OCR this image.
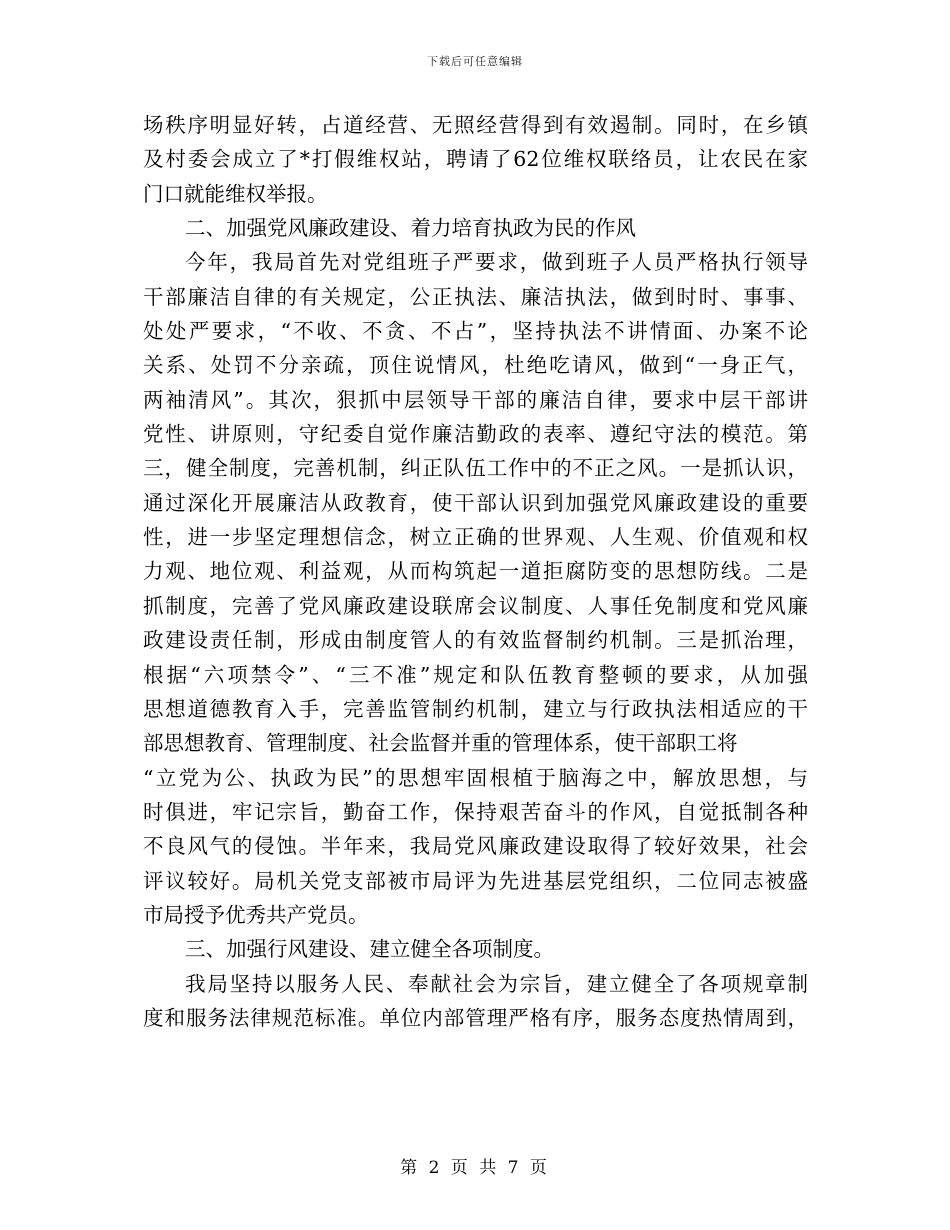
下载后可任意编辑
场秩序明显好转，占道经营、无照经营得到有效遏制。同时，在乡镇
及村委会成立了*打假维权站，聘请了62位维权联络员，让农民在家
门口就能维权举报。
二、加强党风廉政建设、着力培育执政为民的作风
今年，我局首先对党组班子严要求，做到班子人员严格执行领导
干部廉洁自律的有关规定，公正执法、廉洁执法，做到时时、事事、
处处严要求，“不收、不贪、不占”，坚持执法不讲情面、办案不论
关系、处罚不分亲疏，顶住说情风，杜绝吃请风，做到“一身正气，
两袖清风”。其次，狠抓中层领导干部的廉洁自律，要求中层干部讲
党性、讲原则，守纪委自觉作廉洁勤政的表率、遵纪守法的模范。第
三，健全制度，完善机制，纠正队伍工作中的不正之风。一是抓认识，
通过深化开展廉洁从政教育，使干部认识到加强党风廉政建设的重要
性，进一步坚定理想信念，树立正确的世界观、人生观、价值观和权
力观、地位观、利益观，从而构筑起一道拒腐防变的思想防线。二是
抓制度，完善了党风廉政建设联席会议制度、人事任免制度和党风廉
政建设责任制，形成由制度管人的有效监督制约机制。三是抓治理，
根据“六项禁令”、“三不准”规定和队伍教育整顿的要求，从加强
思想道德教育入手，完善监管制约机制，建立与行政执法相适应的干
部思想教育、管理制度、社会监督并重的管理体系，使干部职工将
“立党为公、执政为民”的思想牢固根植于脑海之中，解放思想，与
时俱进，牢记宗旨，勤奋工作，保持艰苦奋斗的作风，自觉抵制各种
不良风气的侵蚀。半年来，我局党风廉政建设取得了较好效果，社会
评议较好。局机关党支部被市局评为先进基层党组织，二位同志被盛
市局授予优秀共产党员。
三、加强行风建设、建立健全各项制度。
我局坚持以服务人民、奉献社会为宗旨，建立健全了各项规章制
度和服务法律规范标准。单位内部管理严格有序，服务态度热情周到，
第 2 页 共 7 页
